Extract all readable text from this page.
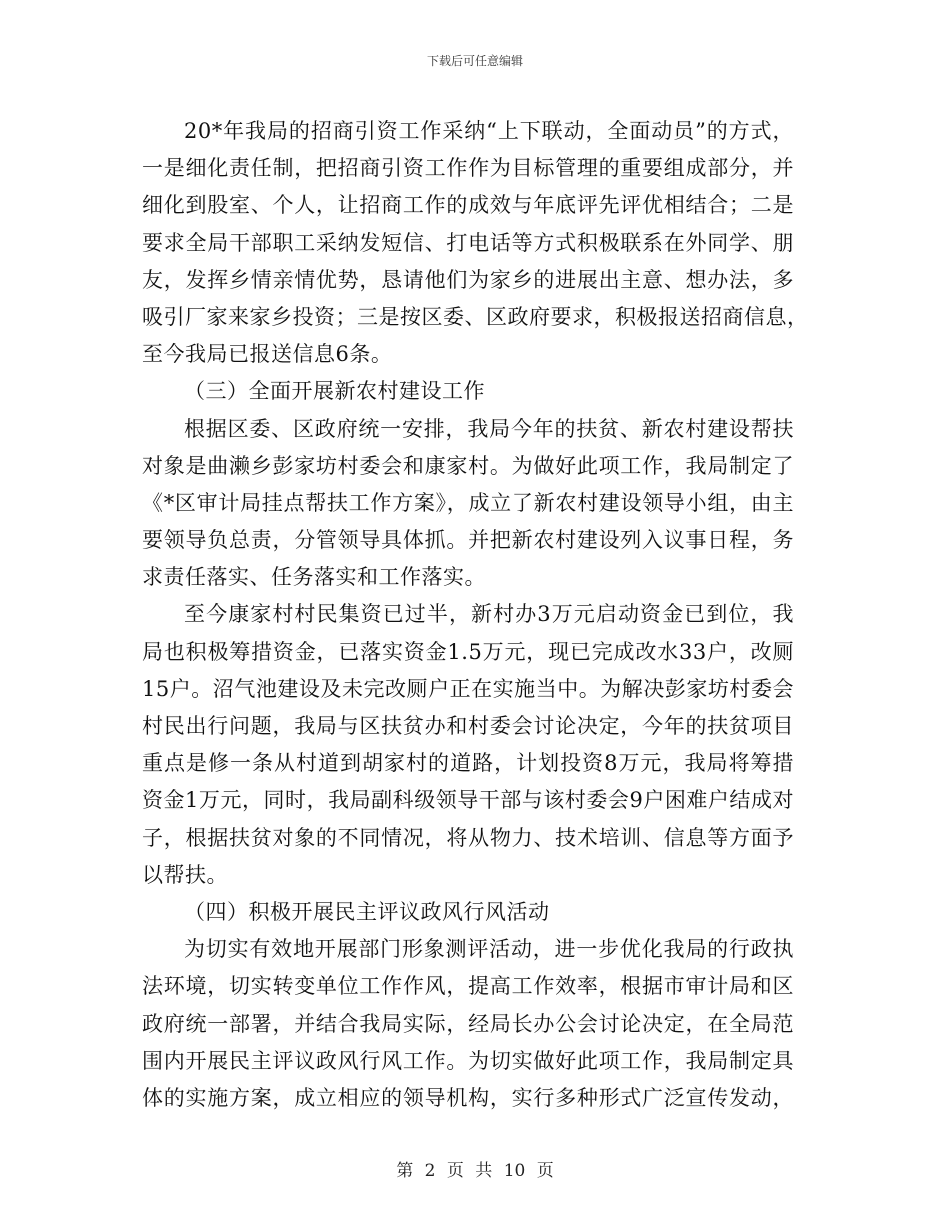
下载后可任意编辑
20*年我局的招商引资工作采纳“上下联动，全面动员”的方式，
一是细化责任制，把招商引资工作作为目标管理的重要组成部分，并
细化到股室、个人，让招商工作的成效与年底评先评优相结合；二是
要求全局干部职工采纳发短信、打电话等方式积极联系在外同学、朋
友，发挥乡情亲情优势，恳请他们为家乡的进展出主意、想办法，多
吸引厂家来家乡投资；三是按区委、区政府要求，积极报送招商信息，
至今我局已报送信息6条。
（三）全面开展新农村建设工作
根据区委、区政府统一安排，我局今年的扶贫、新农村建设帮扶
对象是曲濑乡彭家坊村委会和康家村。为做好此项工作，我局制定了
《*区审计局挂点帮扶工作方案》，成立了新农村建设领导小组，由主
要领导负总责，分管领导具体抓。并把新农村建设列入议事日程，务
求责任落实、任务落实和工作落实。
至今康家村村民集资已过半，新村办3万元启动资金已到位，我
局也积极筹措资金，已落实资金1.5万元，现已完成改水33户，改厕
15户。沼气池建设及未完改厕户正在实施当中。为解决彭家坊村委会
村民出行问题，我局与区扶贫办和村委会讨论决定，今年的扶贫项目
重点是修一条从村道到胡家村的道路，计划投资8万元，我局将筹措
资金1万元，同时，我局副科级领导干部与该村委会9户困难户结成对
子，根据扶贫对象的不同情况，将从物力、技术培训、信息等方面予
以帮扶。
（四）积极开展民主评议政风行风活动
为切实有效地开展部门形象测评活动，进一步优化我局的行政执
法环境，切实转变单位工作作风，提高工作效率，根据市审计局和区
政府统一部署，并结合我局实际，经局长办公会讨论决定，在全局范
围内开展民主评议政风行风工作。为切实做好此项工作，我局制定具
体的实施方案，成立相应的领导机构，实行多种形式广泛宣传发动，
第 2 页 共 10 页
